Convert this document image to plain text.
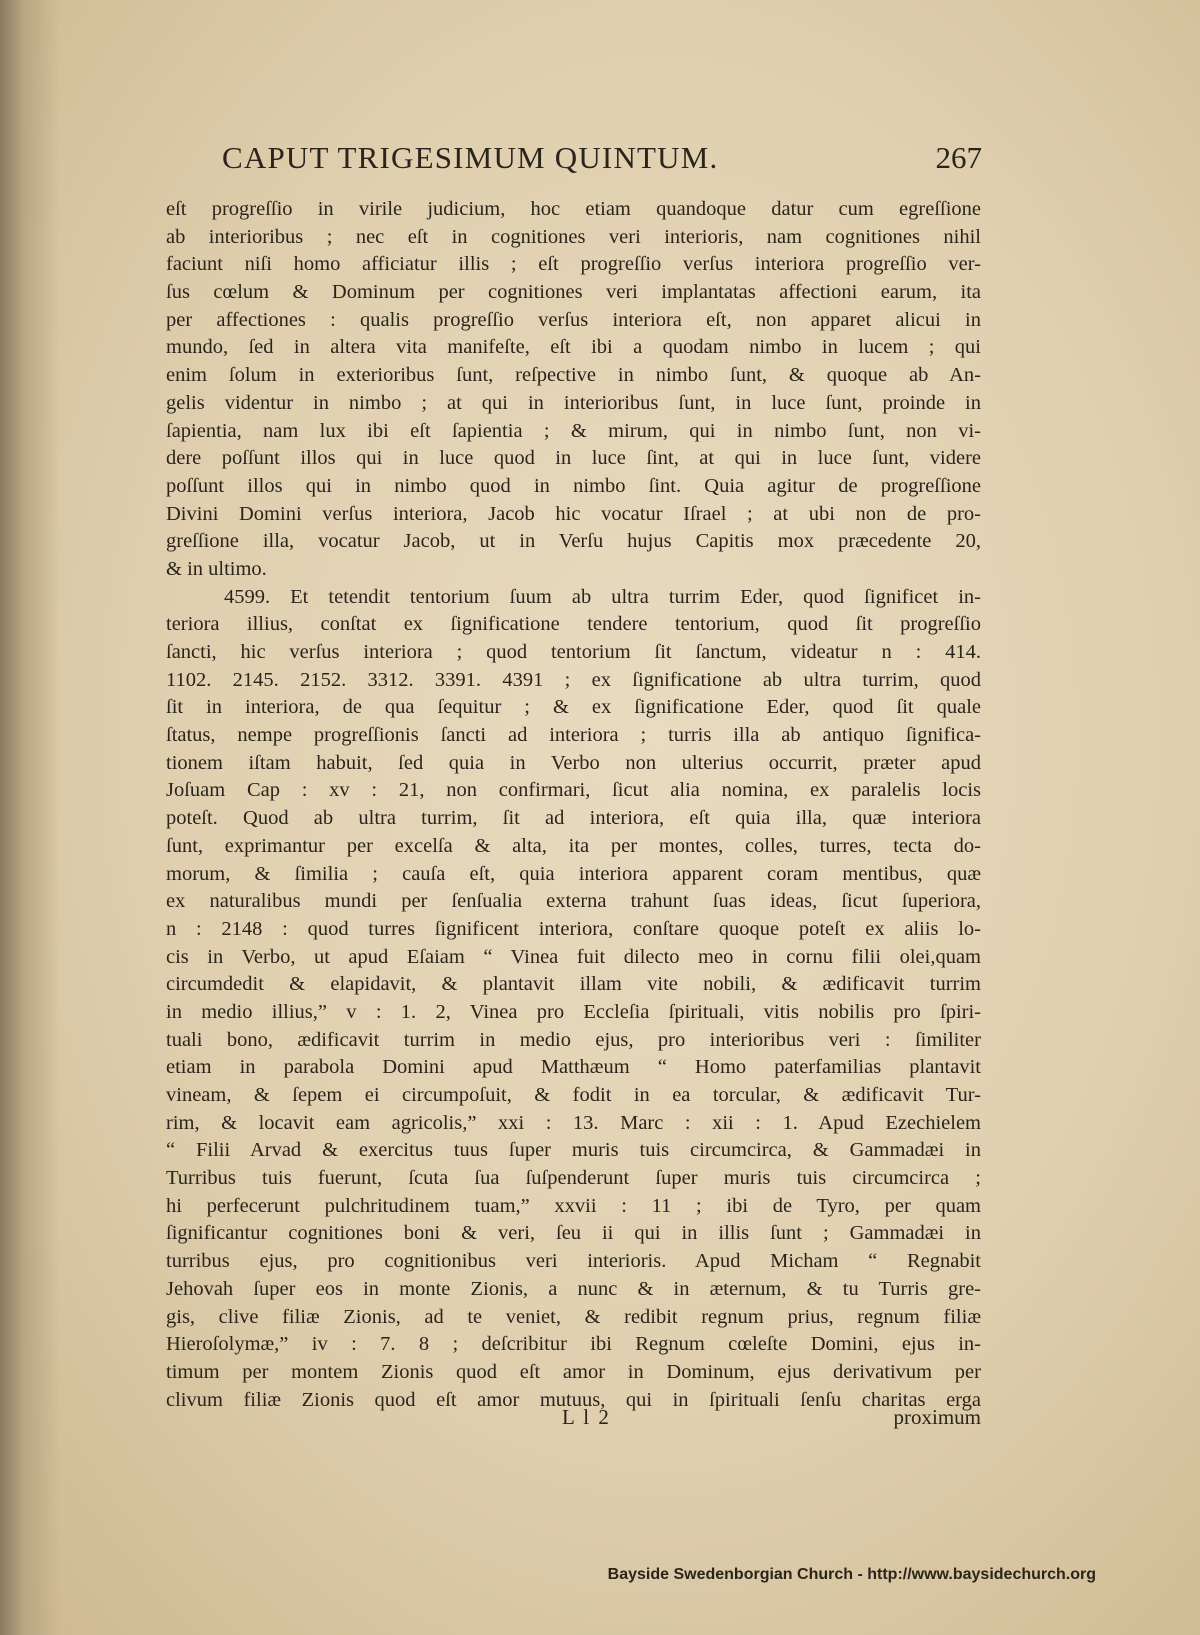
CAPUT TRIGESIMUM QUINTUM.	267
eſt progreſſio in virile judicium, hoc etiam quandoque datur cum egreſſione
ab interioribus ; nec eſt in cognitiones veri interioris, nam cognitiones nihil
faciunt niſi homo afficiatur illis ; eſt progreſſio verſus interiora progreſſio ver-
ſus cœlum & Dominum per cognitiones veri implantatas affectioni earum, ita
per affectiones : qualis progreſſio verſus interiora eſt, non apparet alicui in
mundo, ſed in altera vita manifeſte, eſt ibi a quodam nimbo in lucem ; qui
enim ſolum in exterioribus ſunt, reſpective in nimbo ſunt, & quoque ab An-
gelis videntur in nimbo ; at qui in interioribus ſunt, in luce ſunt, proinde in
ſapientia, nam lux ibi eſt ſapientia ; & mirum, qui in nimbo ſunt, non vi-
dere poſſunt illos qui in luce quod in luce ſint, at qui in luce ſunt, videre
poſſunt illos qui in nimbo quod in nimbo ſint. Quia agitur de progreſſione
Divini Domini verſus interiora, Jacob hic vocatur Iſrael ; at ubi non de pro-
greſſione illa, vocatur Jacob, ut in Verſu hujus Capitis mox præcedente 20,
& in ultimo.
4599. Et tetendit tentorium ſuum ab ultra turrim Eder, quod ſignificet in-
teriora illius, conſtat ex ſignificatione tendere tentorium, quod ſit progreſſio
ſancti, hic verſus interiora ; quod tentorium ſit ſanctum, videatur n : 414.
1102. 2145. 2152. 3312. 3391. 4391 ; ex ſignificatione ab ultra turrim, quod
ſit in interiora, de qua ſequitur ; & ex ſignificatione Eder, quod ſit quale
ſtatus, nempe progreſſionis ſancti ad interiora ; turris illa ab antiquo ſignifica-
tionem iſtam habuit, ſed quia in Verbo non ulterius occurrit, præter apud
Joſuam Cap : xv : 21, non confirmari, ſicut alia nomina, ex paralelis locis
poteſt. Quod ab ultra turrim, ſit ad interiora, eſt quia illa, quæ interiora
ſunt, exprimantur per excelſa & alta, ita per montes, colles, turres, tecta do-
morum, & ſimilia ; cauſa eſt, quia interiora apparent coram mentibus, quæ
ex naturalibus mundi per ſenſualia externa trahunt ſuas ideas, ſicut ſuperiora,
n : 2148 : quod turres ſignificent interiora, conſtare quoque poteſt ex aliis lo-
cis in Verbo, ut apud Eſaiam “ Vinea fuit dilecto meo in cornu filii olei,quam
circumdedit & elapidavit, & plantavit illam vite nobili, & ædificavit turrim
in medio illius,” v : 1. 2, Vinea pro Eccleſia ſpirituali, vitis nobilis pro ſpiri-
tuali bono, ædificavit turrim in medio ejus, pro interioribus veri : ſimiliter
etiam in parabola Domini apud Matthæum “ Homo paterfamilias plantavit
vineam, & ſepem ei circumpoſuit, & fodit in ea torcular, & ædificavit Tur-
rim, & locavit eam agricolis,” xxi : 13. Marc : xii : 1. Apud Ezechielem
“ Filii Arvad & exercitus tuus ſuper muris tuis circumcirca, & Gammadæi in
Turribus tuis fuerunt, ſcuta ſua ſuſpenderunt ſuper muris tuis circumcirca ;
hi perfecerunt pulchritudinem tuam,” xxvii : 11 ; ibi de Tyro, per quam
ſignificantur cognitiones boni & veri, ſeu ii qui in illis ſunt ; Gammadæi in
turribus ejus, pro cognitionibus veri interioris. Apud Micham “ Regnabit
Jehovah ſuper eos in monte Zionis, a nunc & in æternum, & tu Turris gre-
gis, clive filiæ Zionis, ad te veniet, & redibit regnum prius, regnum filiæ
Hieroſolymæ,” iv : 7. 8 ; deſcribitur ibi Regnum cœleſte Domini, ejus in-
timum per montem Zionis quod eſt amor in Dominum, ejus derivativum per
clivum filiæ Zionis quod eſt amor mutuus, qui in ſpirituali ſenſu charitas erga
L l 2	proximum
Bayside Swedenborgian Church - http://www.baysidechurch.org
